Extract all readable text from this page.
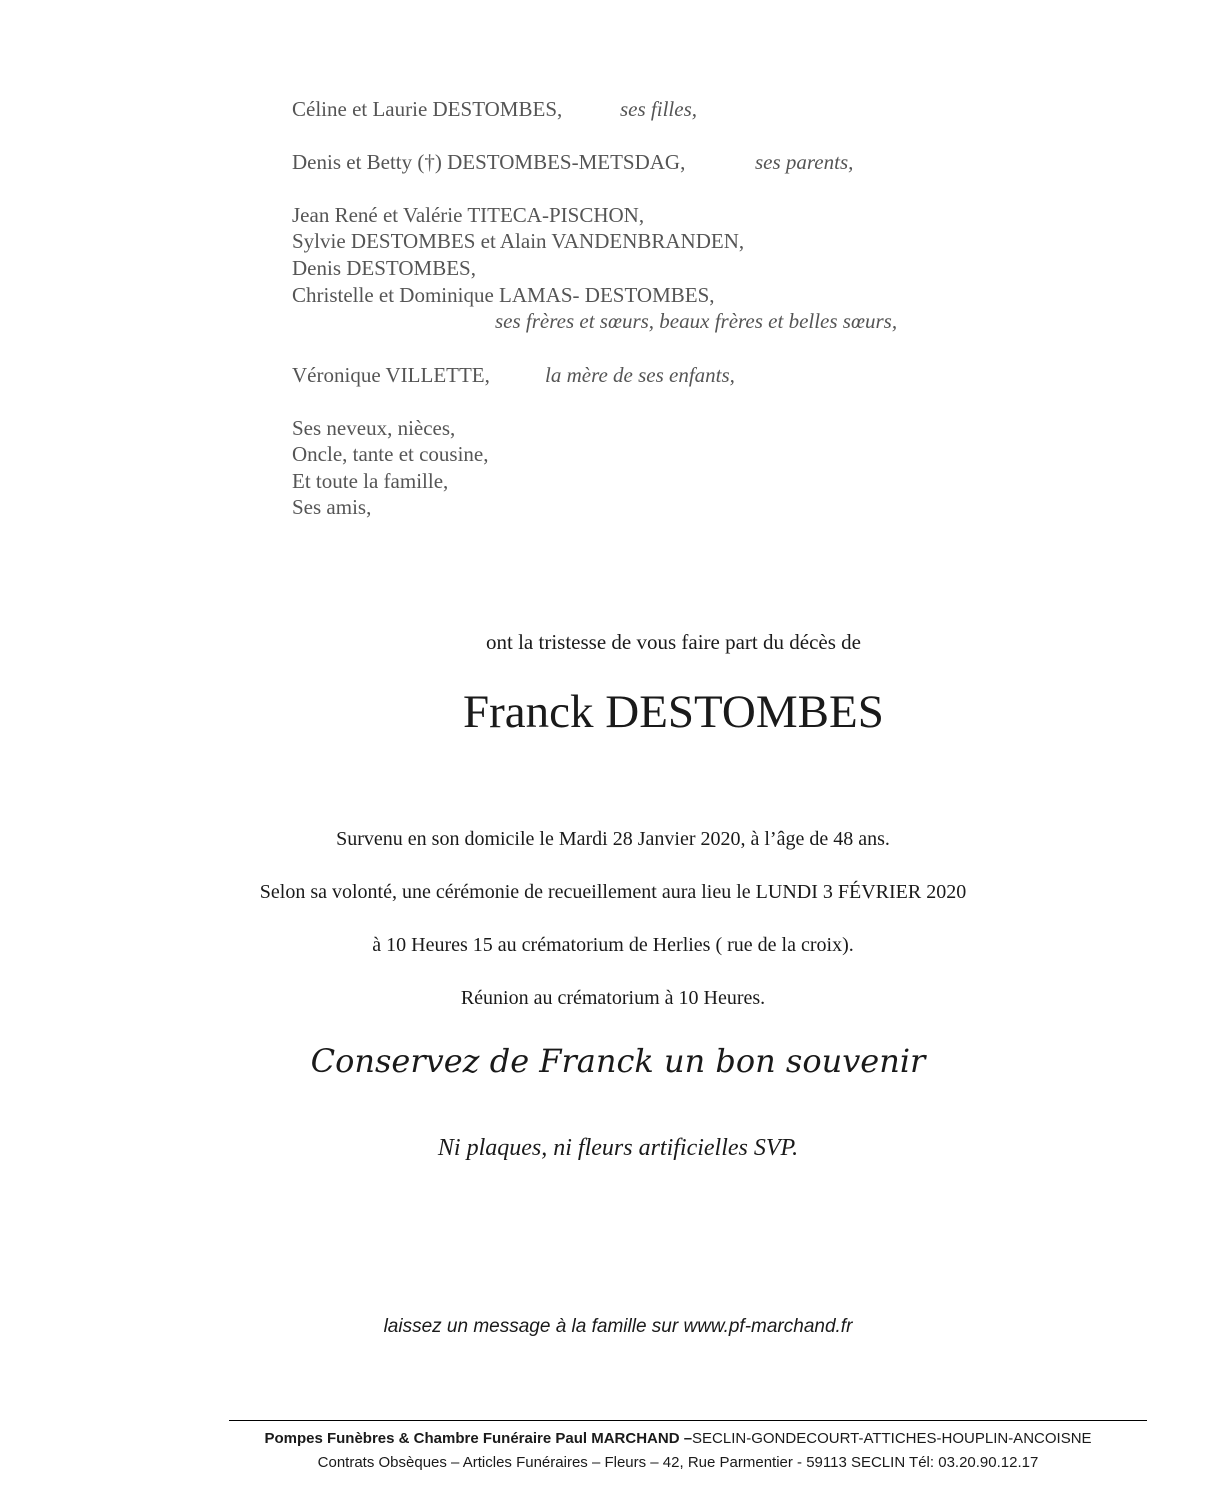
Céline et Laurie DESTOMBES,	ses filles,
Denis et Betty (†) DESTOMBES-METSDAG,	ses parents,
Jean René et Valérie TITECA-PISCHON,
Sylvie DESTOMBES et Alain VANDENBRANDEN,
Denis DESTOMBES,
Christelle et Dominique LAMAS- DESTOMBES,
ses frères et sœurs, beaux frères et belles sœurs,
Véronique VILLETTE,	la mère de ses enfants,
Ses neveux, nièces,
Oncle, tante et cousine,
Et toute la famille,
Ses amis,
ont la tristesse de vous faire part du décès de
Franck DESTOMBES
Survenu en son domicile le Mardi 28 Janvier 2020, à l’âge de 48 ans.
Selon sa volonté, une cérémonie de recueillement aura lieu le LUNDI 3 FÉVRIER 2020
à 10 Heures 15 au crématorium de Herlies ( rue de la croix).
Réunion au crématorium à 10 Heures.
Conservez de Franck un bon souvenir
Ni plaques, ni fleurs artificielles SVP.
laissez un message à la famille sur www.pf-marchand.fr
Pompes Funèbres & Chambre Funéraire Paul MARCHAND –SECLIN-GONDECOURT-ATTICHES-HOUPLIN-ANCOISNE
Contrats Obsèques – Articles Funéraires – Fleurs – 42, Rue Parmentier - 59113 SECLIN Tél: 03.20.90.12.17
